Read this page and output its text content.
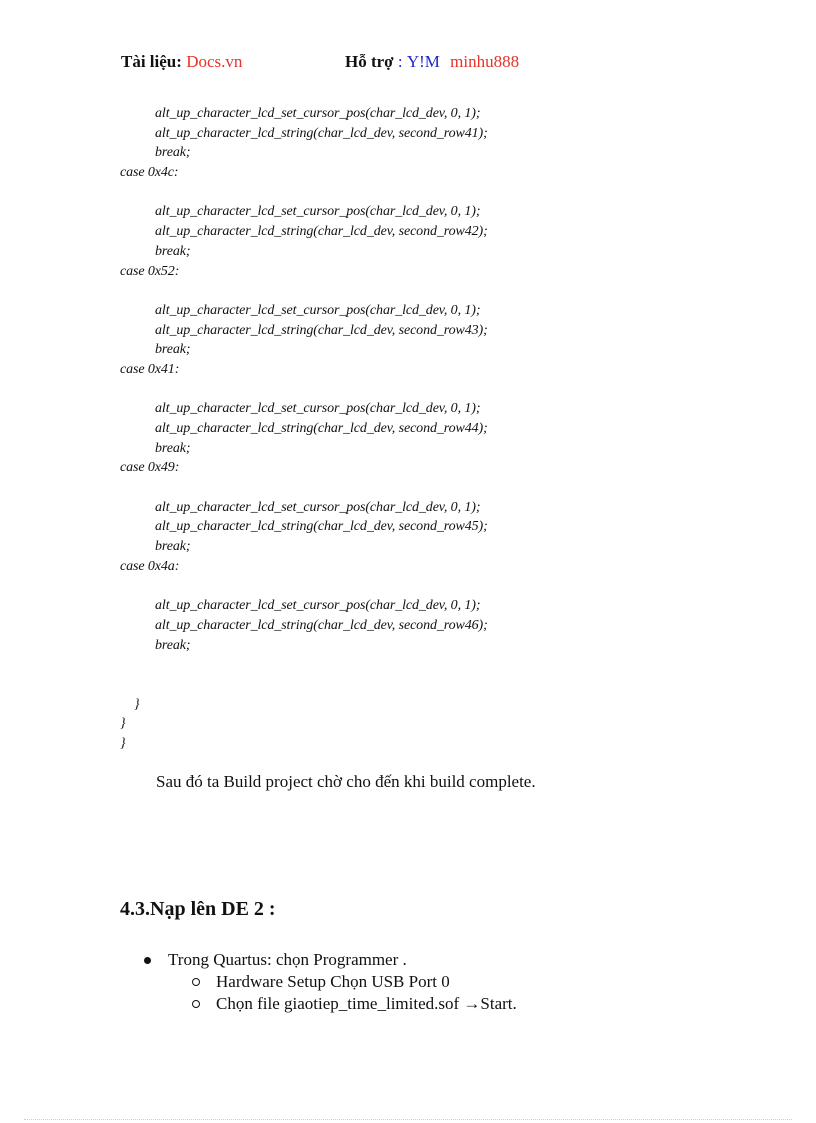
Tài liệu: Docs.vn	Hỗ trợ : Y!M minhu888
alt_up_character_lcd_set_cursor_pos(char_lcd_dev, 0, 1);
alt_up_character_lcd_string(char_lcd_dev, second_row41);
break;
case 0x4c:
alt_up_character_lcd_set_cursor_pos(char_lcd_dev, 0, 1);
alt_up_character_lcd_string(char_lcd_dev, second_row42);
break;
case 0x52:
alt_up_character_lcd_set_cursor_pos(char_lcd_dev, 0, 1);
alt_up_character_lcd_string(char_lcd_dev, second_row43);
break;
case 0x41:
alt_up_character_lcd_set_cursor_pos(char_lcd_dev, 0, 1);
alt_up_character_lcd_string(char_lcd_dev, second_row44);
break;
case 0x49:
alt_up_character_lcd_set_cursor_pos(char_lcd_dev, 0, 1);
alt_up_character_lcd_string(char_lcd_dev, second_row45);
break;
case 0x4a:
alt_up_character_lcd_set_cursor_pos(char_lcd_dev, 0, 1);
alt_up_character_lcd_string(char_lcd_dev, second_row46);
break;
}
}
}
Sau đó ta Build project chờ cho đến khi build complete.
4.3.Nạp lên DE 2 :
Trong Quartus: chọn Programmer .
Hardware Setup Chọn USB Port 0
Chọn file giaotiep_time_limited.sof →Start.
